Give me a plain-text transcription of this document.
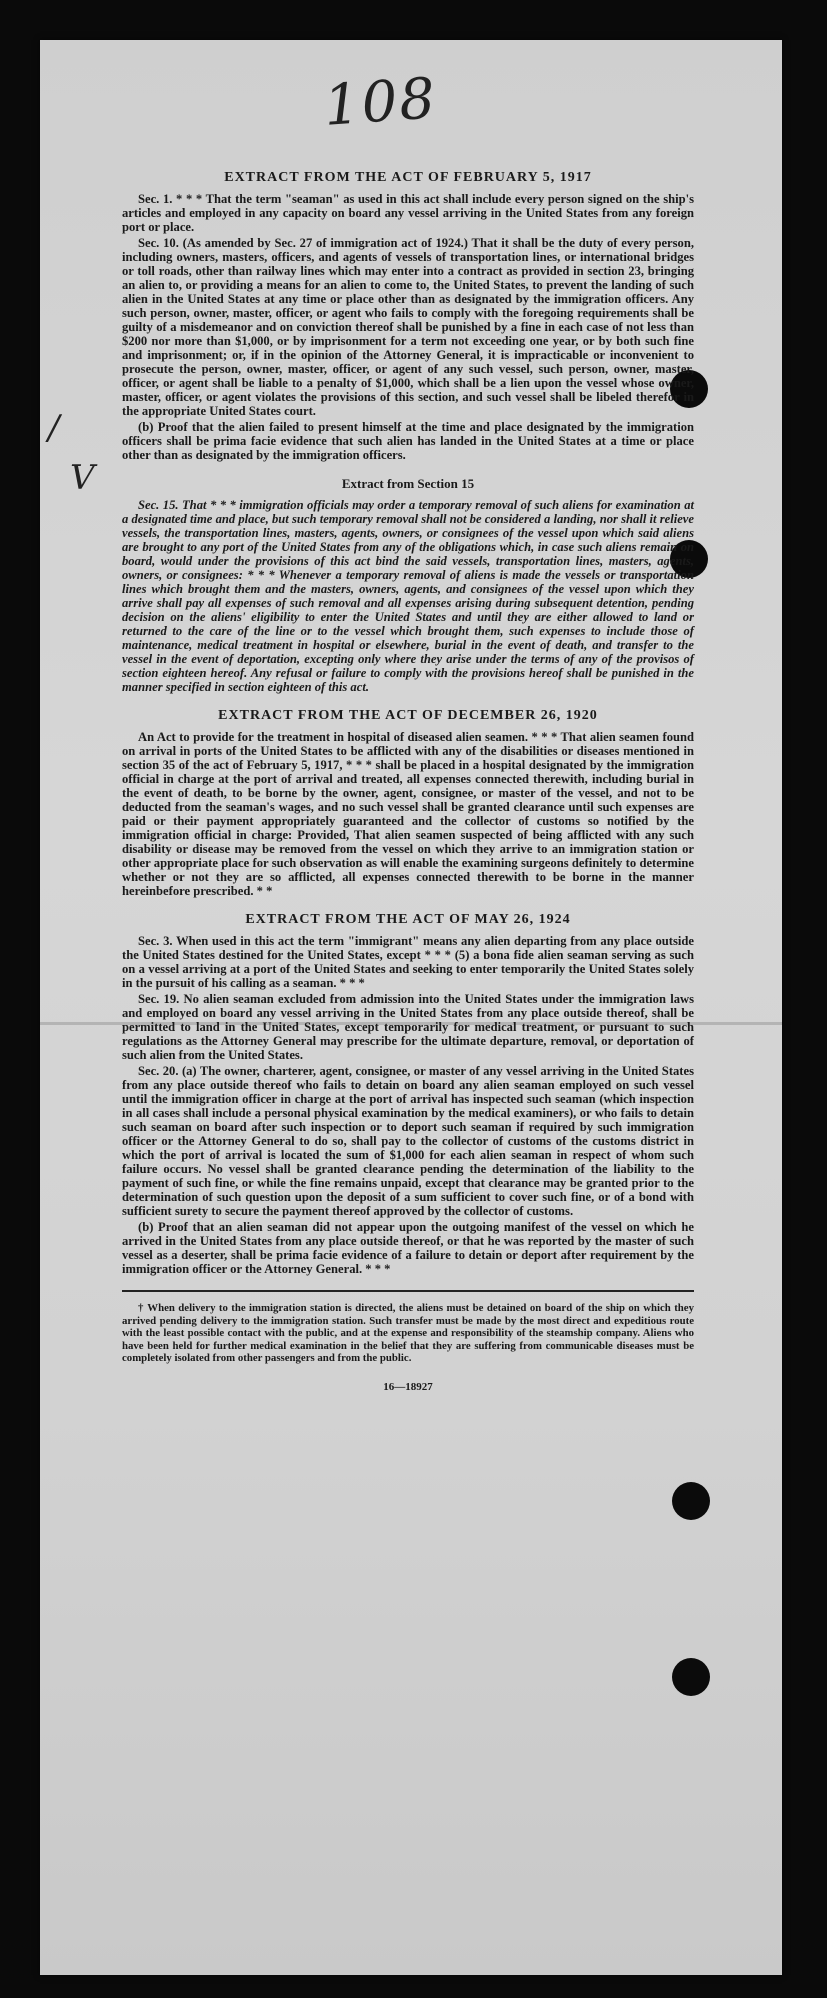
108
/
V
EXTRACT FROM THE ACT OF FEBRUARY 5, 1917

Sec. 1. * * * That the term "seaman" as used in this act shall include every person signed on the ship's articles and employed in any capacity on board any vessel arriving in the United States from any foreign port or place.

Sec. 10. (As amended by Sec. 27 of immigration act of 1924.) That it shall be the duty of every person, including owners, masters, officers, and agents of vessels of transportation lines, or international bridges or toll roads, other than railway lines which may enter into a contract as provided in section 23, bringing an alien to, or providing a means for an alien to come to, the United States, to prevent the landing of such alien in the United States at any time or place other than as designated by the immigration officers. Any such person, owner, master, officer, or agent who fails to comply with the foregoing requirements shall be guilty of a misdemeanor and on conviction thereof shall be punished by a fine in each case of not less than $200 nor more than $1,000, or by imprisonment for a term not exceeding one year, or by both such fine and imprisonment; or, if in the opinion of the Attorney General, it is impracticable or inconvenient to prosecute the person, owner, master, officer, or agent of any such vessel, such person, owner, master, officer, or agent shall be liable to a penalty of $1,000, which shall be a lien upon the vessel whose owner, master, officer, or agent violates the provisions of this section, and such vessel shall be libeled therefor in the appropriate United States court.

(b) Proof that the alien failed to present himself at the time and place designated by the immigration officers shall be prima facie evidence that such alien has landed in the United States at a time or place other than as designated by the immigration officers.

Extract from Section 15

Sec. 15. That * * * immigration officials may order a temporary removal of such aliens for examination at a designated time and place, but such temporary removal shall not be considered a landing, nor shall it relieve vessels, the transportation lines, masters, agents, owners, or consignees of the vessel upon which said aliens are brought to any port of the United States from any of the obligations which, in case such aliens remain on board, would under the provisions of this act bind the said vessels, transportation lines, masters, agents, owners, or consignees: * * * Whenever a temporary removal of aliens is made the vessels or transportation lines which brought them and the masters, owners, agents, and consignees of the vessel upon which they arrive shall pay all expenses of such removal and all expenses arising during subsequent detention, pending decision on the aliens' eligibility to enter the United States and until they are either allowed to land or returned to the care of the line or to the vessel which brought them, such expenses to include those of maintenance, medical treatment in hospital or elsewhere, burial in the event of death, and transfer to the vessel in the event of deportation, excepting only where they arise under the terms of any of the provisos of section eighteen hereof. Any refusal or failure to comply with the provisions hereof shall be punished in the manner specified in section eighteen of this act.

EXTRACT FROM THE ACT OF DECEMBER 26, 1920

An Act to provide for the treatment in hospital of diseased alien seamen. * * * That alien seamen found on arrival in ports of the United States to be afflicted with any of the disabilities or diseases mentioned in section 35 of the act of February 5, 1917, * * * shall be placed in a hospital designated by the immigration official in charge at the port of arrival and treated, all expenses connected therewith, including burial in the event of death, to be borne by the owner, agent, consignee, or master of the vessel, and not to be deducted from the seaman's wages, and no such vessel shall be granted clearance until such expenses are paid or their payment appropriately guaranteed and the collector of customs so notified by the immigration official in charge: Provided, That alien seamen suspected of being afflicted with any such disability or disease may be removed from the vessel on which they arrive to an immigration station or other appropriate place for such observation as will enable the examining surgeons definitely to determine whether or not they are so afflicted, all expenses connected therewith to be borne in the manner hereinbefore prescribed. * *

EXTRACT FROM THE ACT OF MAY 26, 1924

Sec. 3. When used in this act the term "immigrant" means any alien departing from any place outside the United States destined for the United States, except * * * (5) a bona fide alien seaman serving as such on a vessel arriving at a port of the United States and seeking to enter temporarily the United States solely in the pursuit of his calling as a seaman. * * *

Sec. 19. No alien seaman excluded from admission into the United States under the immigration laws and employed on board any vessel arriving in the United States from any place outside thereof, shall be permitted to land in the United States, except temporarily for medical treatment, or pursuant to such regulations as the Attorney General may prescribe for the ultimate departure, removal, or deportation of such alien from the United States.

Sec. 20. (a) The owner, charterer, agent, consignee, or master of any vessel arriving in the United States from any place outside thereof who fails to detain on board any alien seaman employed on such vessel until the immigration officer in charge at the port of arrival has inspected such seaman (which inspection in all cases shall include a personal physical examination by the medical examiners), or who fails to detain such seaman on board after such inspection or to deport such seaman if required by such immigration officer or the Attorney General to do so, shall pay to the collector of customs of the customs district in which the port of arrival is located the sum of $1,000 for each alien seaman in respect of whom such failure occurs. No vessel shall be granted clearance pending the determination of the liability to the payment of such fine, or while the fine remains unpaid, except that clearance may be granted prior to the determination of such question upon the deposit of a sum sufficient to cover such fine, or of a bond with sufficient surety to secure the payment thereof approved by the collector of customs.

(b) Proof that an alien seaman did not appear upon the outgoing manifest of the vessel on which he arrived in the United States from any place outside thereof, or that he was reported by the master of such vessel as a deserter, shall be prima facie evidence of a failure to detain or deport after requirement by the immigration officer or the Attorney General. * * *

† When delivery to the immigration station is directed, the aliens must be detained on board of the ship on which they arrived pending delivery to the immigration station. Such transfer must be made by the most direct and expeditious route with the least possible contact with the public, and at the expense and responsibility of the steamship company. Aliens who have been held for further medical examination in the belief that they are suffering from communicable diseases must be completely isolated from other passengers and from the public.

16—18927
